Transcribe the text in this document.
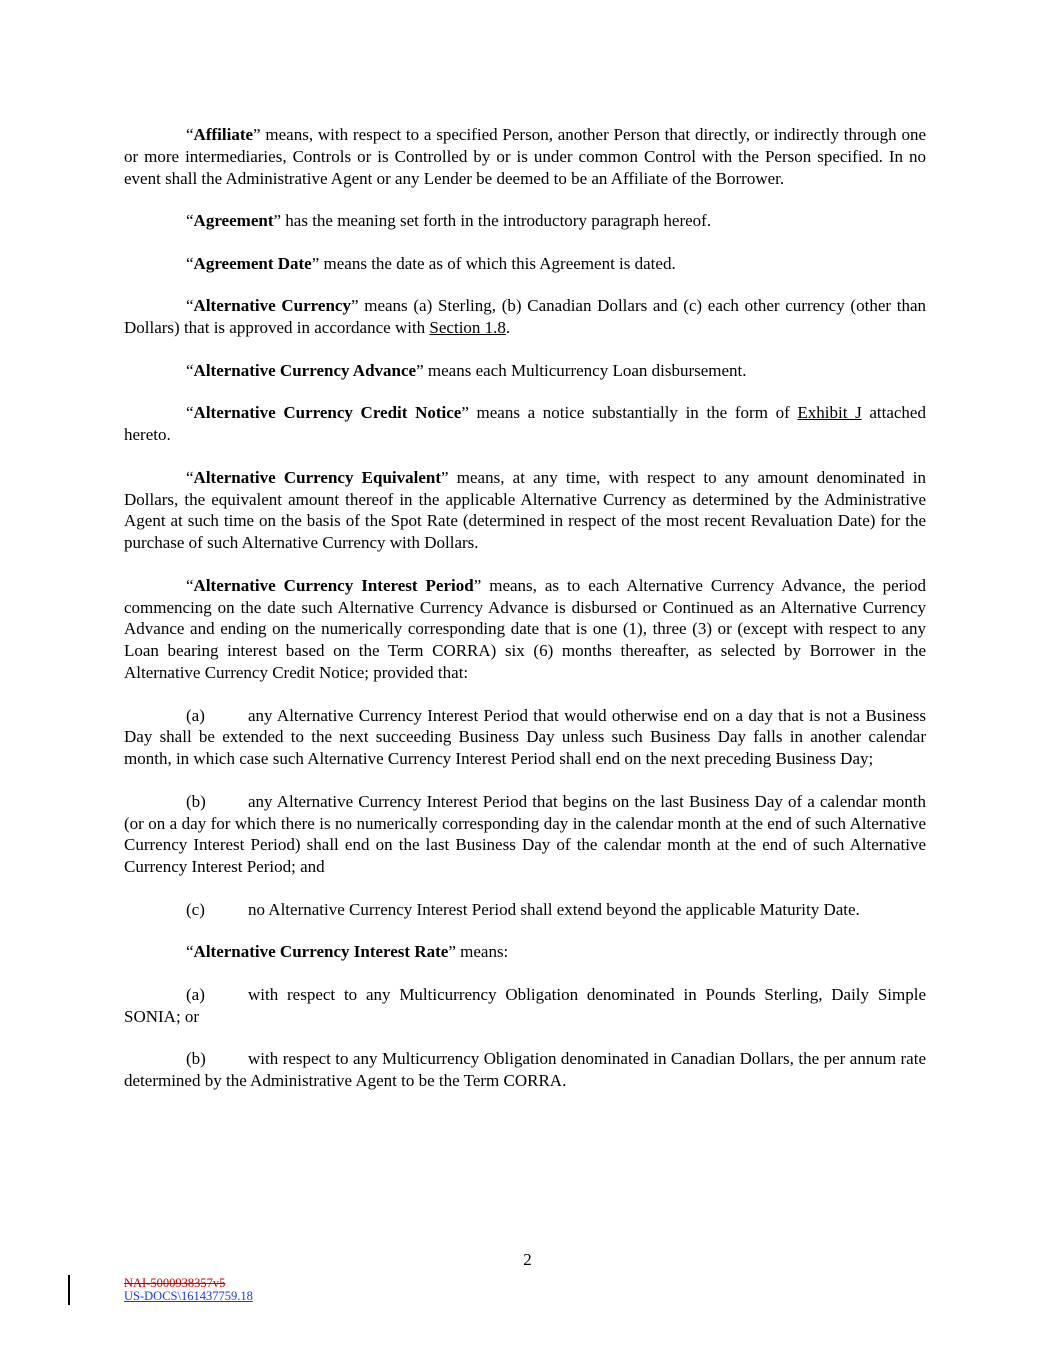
“Affiliate” means, with respect to a specified Person, another Person that directly, or indirectly through one or more intermediaries, Controls or is Controlled by or is under common Control with the Person specified. In no event shall the Administrative Agent or any Lender be deemed to be an Affiliate of the Borrower.

“Agreement” has the meaning set forth in the introductory paragraph hereof.

“Agreement Date” means the date as of which this Agreement is dated.

“Alternative Currency” means (a) Sterling, (b) Canadian Dollars and (c) each other currency (other than Dollars) that is approved in accordance with Section 1.8.

“Alternative Currency Advance” means each Multicurrency Loan disbursement.

“Alternative Currency Credit Notice” means a notice substantially in the form of Exhibit J attached hereto.

“Alternative Currency Equivalent” means, at any time, with respect to any amount denominated in Dollars, the equivalent amount thereof in the applicable Alternative Currency as determined by the Administrative Agent at such time on the basis of the Spot Rate (determined in respect of the most recent Revaluation Date) for the purchase of such Alternative Currency with Dollars.

“Alternative Currency Interest Period” means, as to each Alternative Currency Advance, the period commencing on the date such Alternative Currency Advance is disbursed or Continued as an Alternative Currency Advance and ending on the numerically corresponding date that is one (1), three (3) or (except with respect to any Loan bearing interest based on the Term CORRA) six (6) months thereafter, as selected by Borrower in the Alternative Currency Credit Notice; provided that:

(a)	any Alternative Currency Interest Period that would otherwise end on a day that is not a Business Day shall be extended to the next succeeding Business Day unless such Business Day falls in another calendar month, in which case such Alternative Currency Interest Period shall end on the next preceding Business Day;

(b) any Alternative Currency Interest Period that begins on the last Business Day of a calendar month (or on a day for which there is no numerically corresponding day in the calendar month at the end of such Alternative Currency Interest Period) shall end on the last Business Day of the calendar month at the end of such Alternative Currency Interest Period; and

(c)	no Alternative Currency Interest Period shall extend beyond the applicable Maturity Date.

“Alternative Currency Interest Rate” means:

(a)	with respect to any Multicurrency Obligation denominated in Pounds Sterling, Daily Simple SONIA; or

(b) with respect to any Multicurrency Obligation denominated in Canadian Dollars, the per annum rate determined by the Administrative Agent to be the Term CORRA.

2
NAI-5000938357v5
US-DOCS\161437759.18
